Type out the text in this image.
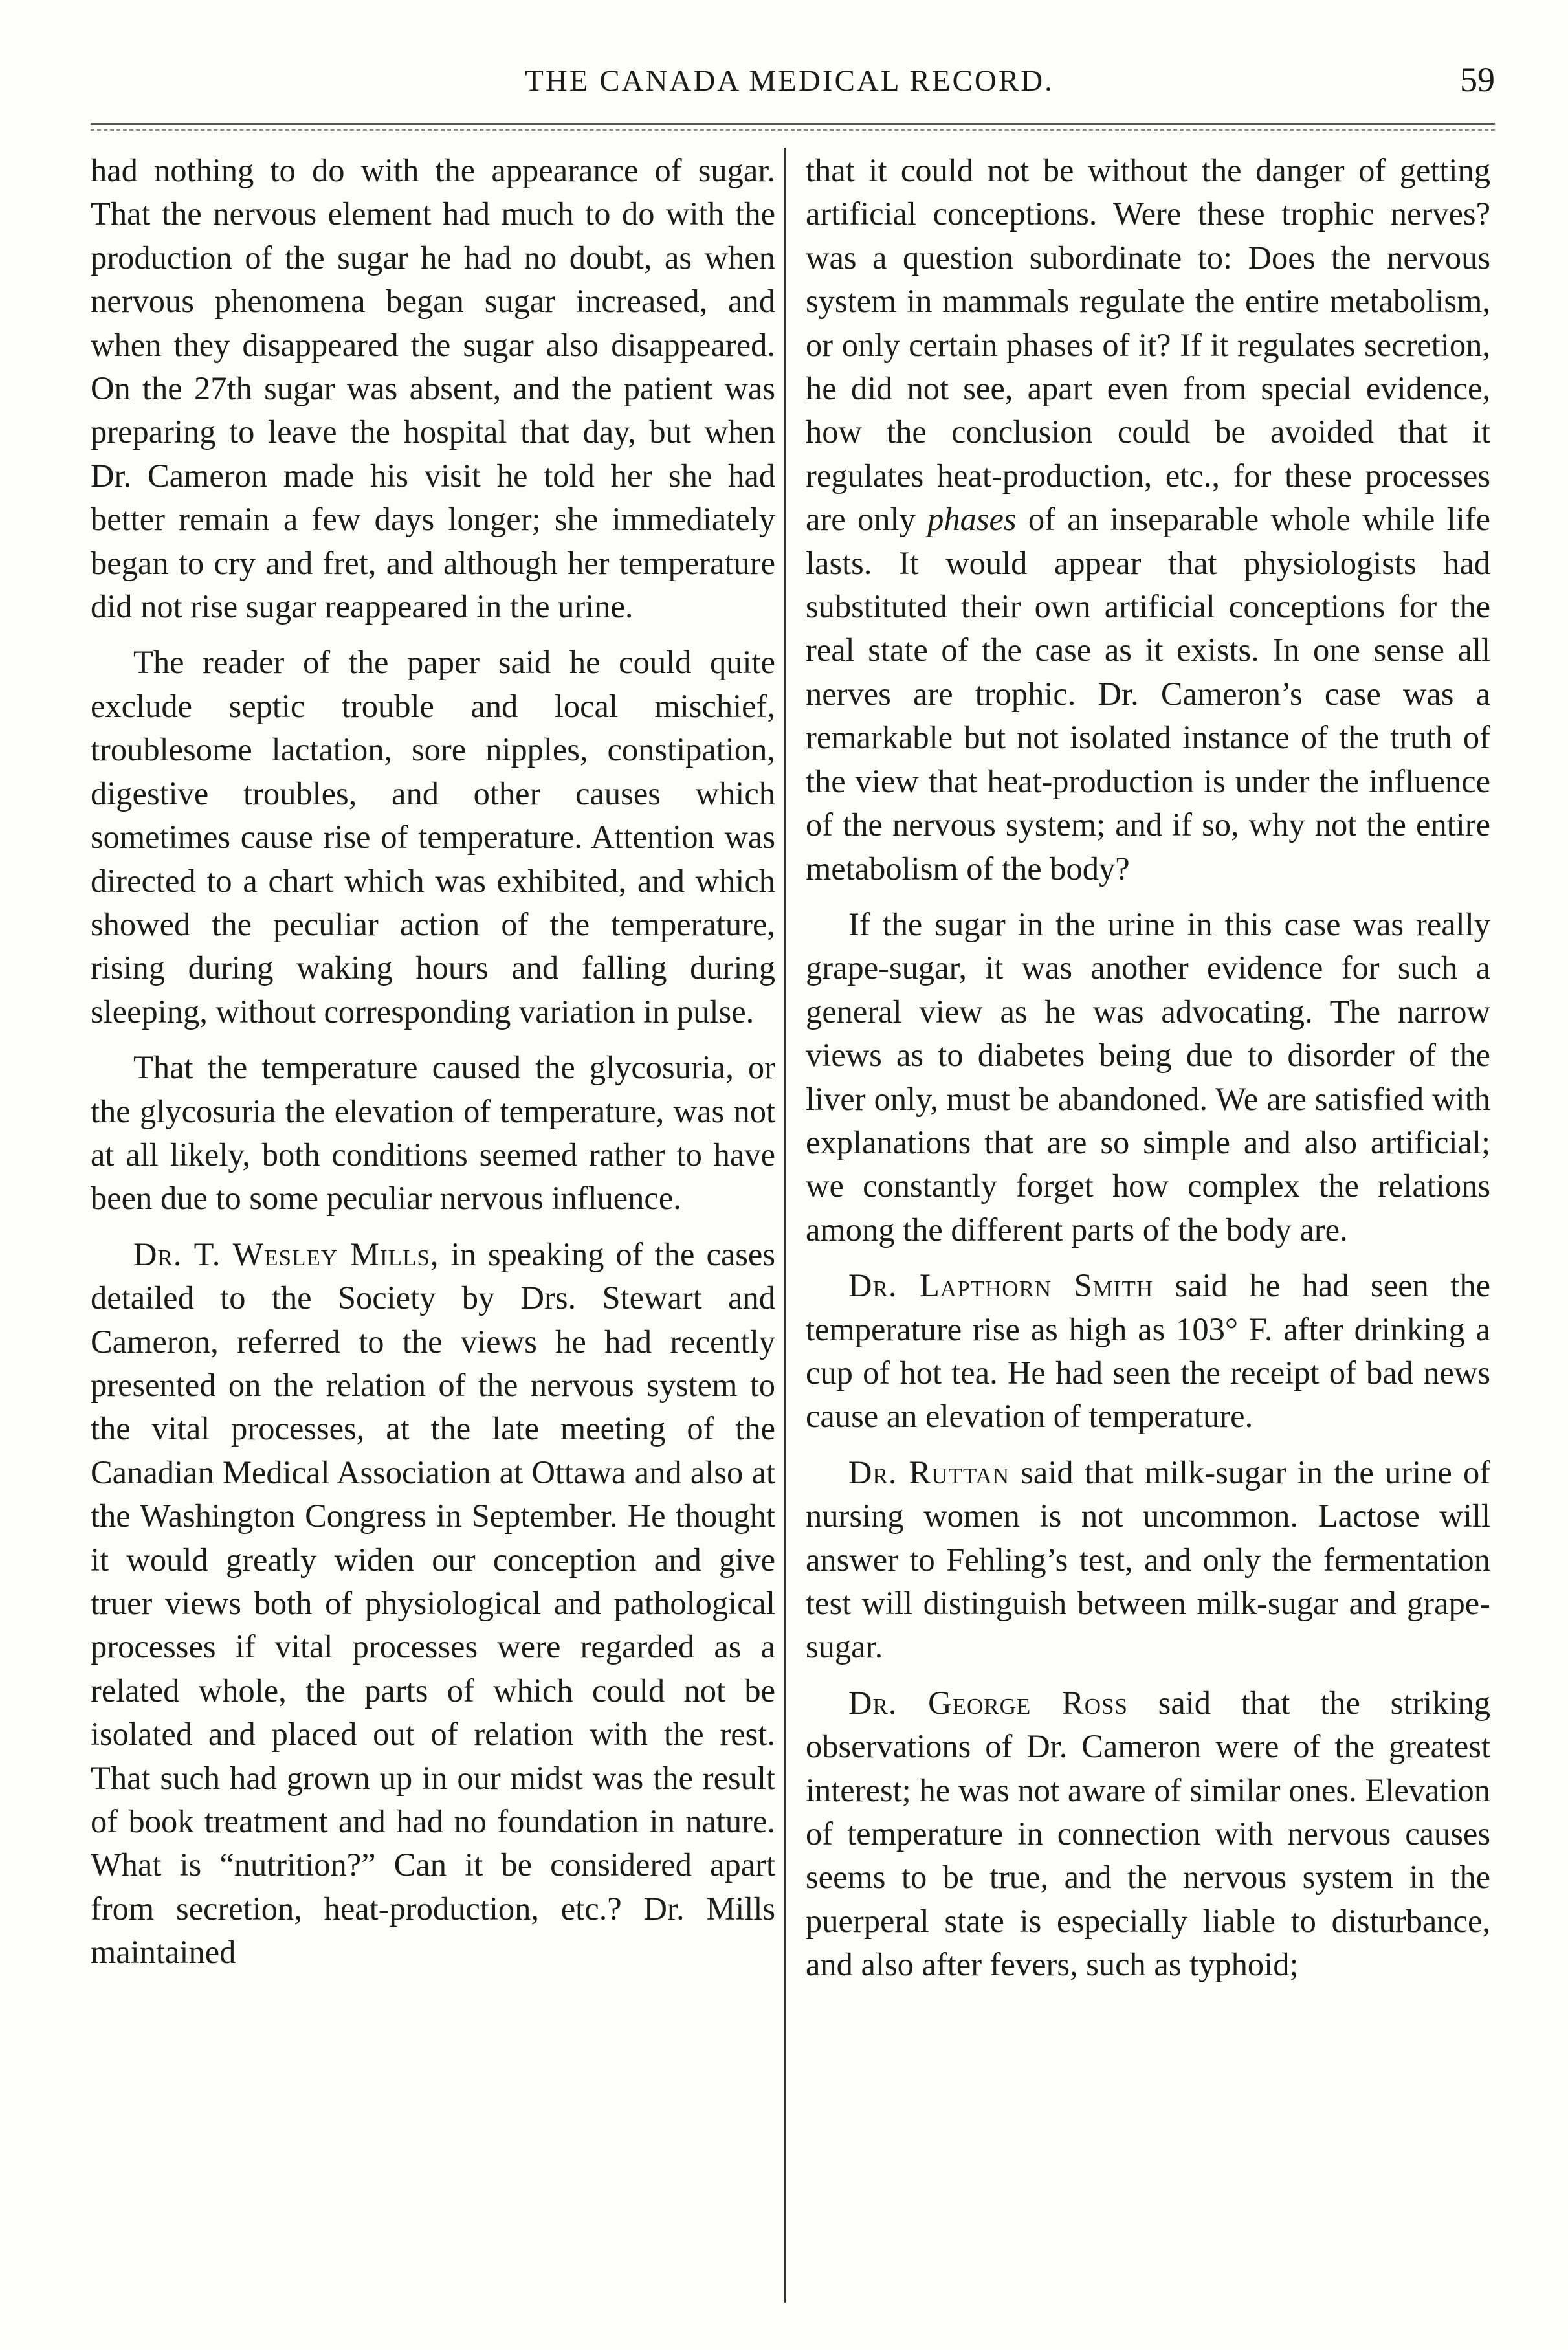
THE CANADA MEDICAL RECORD.	59

had nothing to do with the appearance of sugar. That the nervous element had much to do with the production of the sugar he had no doubt, as when nervous phenomena began sugar increased, and when they disappeared the sugar also disappeared. On the 27th sugar was absent, and the patient was preparing to leave the hospital that day, but when Dr. Cameron made his visit he told her she had better remain a few days longer; she immediately began to cry and fret, and although her temperature did not rise sugar reappeared in the urine.

The reader of the paper said he could quite exclude septic trouble and local mischief, troublesome lactation, sore nipples, constipation, digestive troubles, and other causes which sometimes cause rise of temperature. Attention was directed to a chart which was exhibited, and which showed the peculiar action of the temperature, rising during waking hours and falling during sleeping, without corresponding variation in pulse.

That the temperature caused the glycosuria, or the glycosuria the elevation of temperature, was not at all likely, both conditions seemed rather to have been due to some peculiar nervous influence.

Dr. T. Wesley Mills, in speaking of the cases detailed to the Society by Drs. Stewart and Cameron, referred to the views he had recently presented on the relation of the nervous system to the vital processes, at the late meeting of the Canadian Medical Association at Ottawa and also at the Washington Congress in September. He thought it would greatly widen our conception and give truer views both of physiological and pathological processes if vital processes were regarded as a related whole, the parts of which could not be isolated and placed out of relation with the rest. That such had grown up in our midst was the result of book treatment and had no foundation in nature. What is “nutrition?” Can it be considered apart from secretion, heat-production, etc.? Dr. Mills maintained

that it could not be without the danger of getting artificial conceptions. Were these trophic nerves? was a question subordinate to: Does the nervous system in mammals regulate the entire metabolism, or only certain phases of it? If it regulates secretion, he did not see, apart even from special evidence, how the conclusion could be avoided that it regulates heat-production, etc., for these processes are only phases of an inseparable whole while life lasts. It would appear that physiologists had substituted their own artificial conceptions for the real state of the case as it exists. In one sense all nerves are trophic. Dr. Cameron’s case was a remarkable but not isolated instance of the truth of the view that heat-production is under the influence of the nervous system; and if so, why not the entire metabolism of the body?

If the sugar in the urine in this case was really grape-sugar, it was another evidence for such a general view as he was advocating. The narrow views as to diabetes being due to disorder of the liver only, must be abandoned. We are satisfied with explanations that are so simple and also artificial; we constantly forget how complex the relations among the different parts of the body are.

Dr. Lapthorn Smith said he had seen the temperature rise as high as 103° F. after drinking a cup of hot tea. He had seen the receipt of bad news cause an elevation of temperature.

Dr. Ruttan said that milk-sugar in the urine of nursing women is not uncommon. Lactose will answer to Fehling’s test, and only the fermentation test will distinguish between milk-sugar and grape-sugar.

Dr. George Ross said that the striking observations of Dr. Cameron were of the greatest interest; he was not aware of similar ones. Elevation of temperature in connection with nervous causes seems to be true, and the nervous system in the puerperal state is especially liable to disturbance, and also after fevers, such as typhoid;
